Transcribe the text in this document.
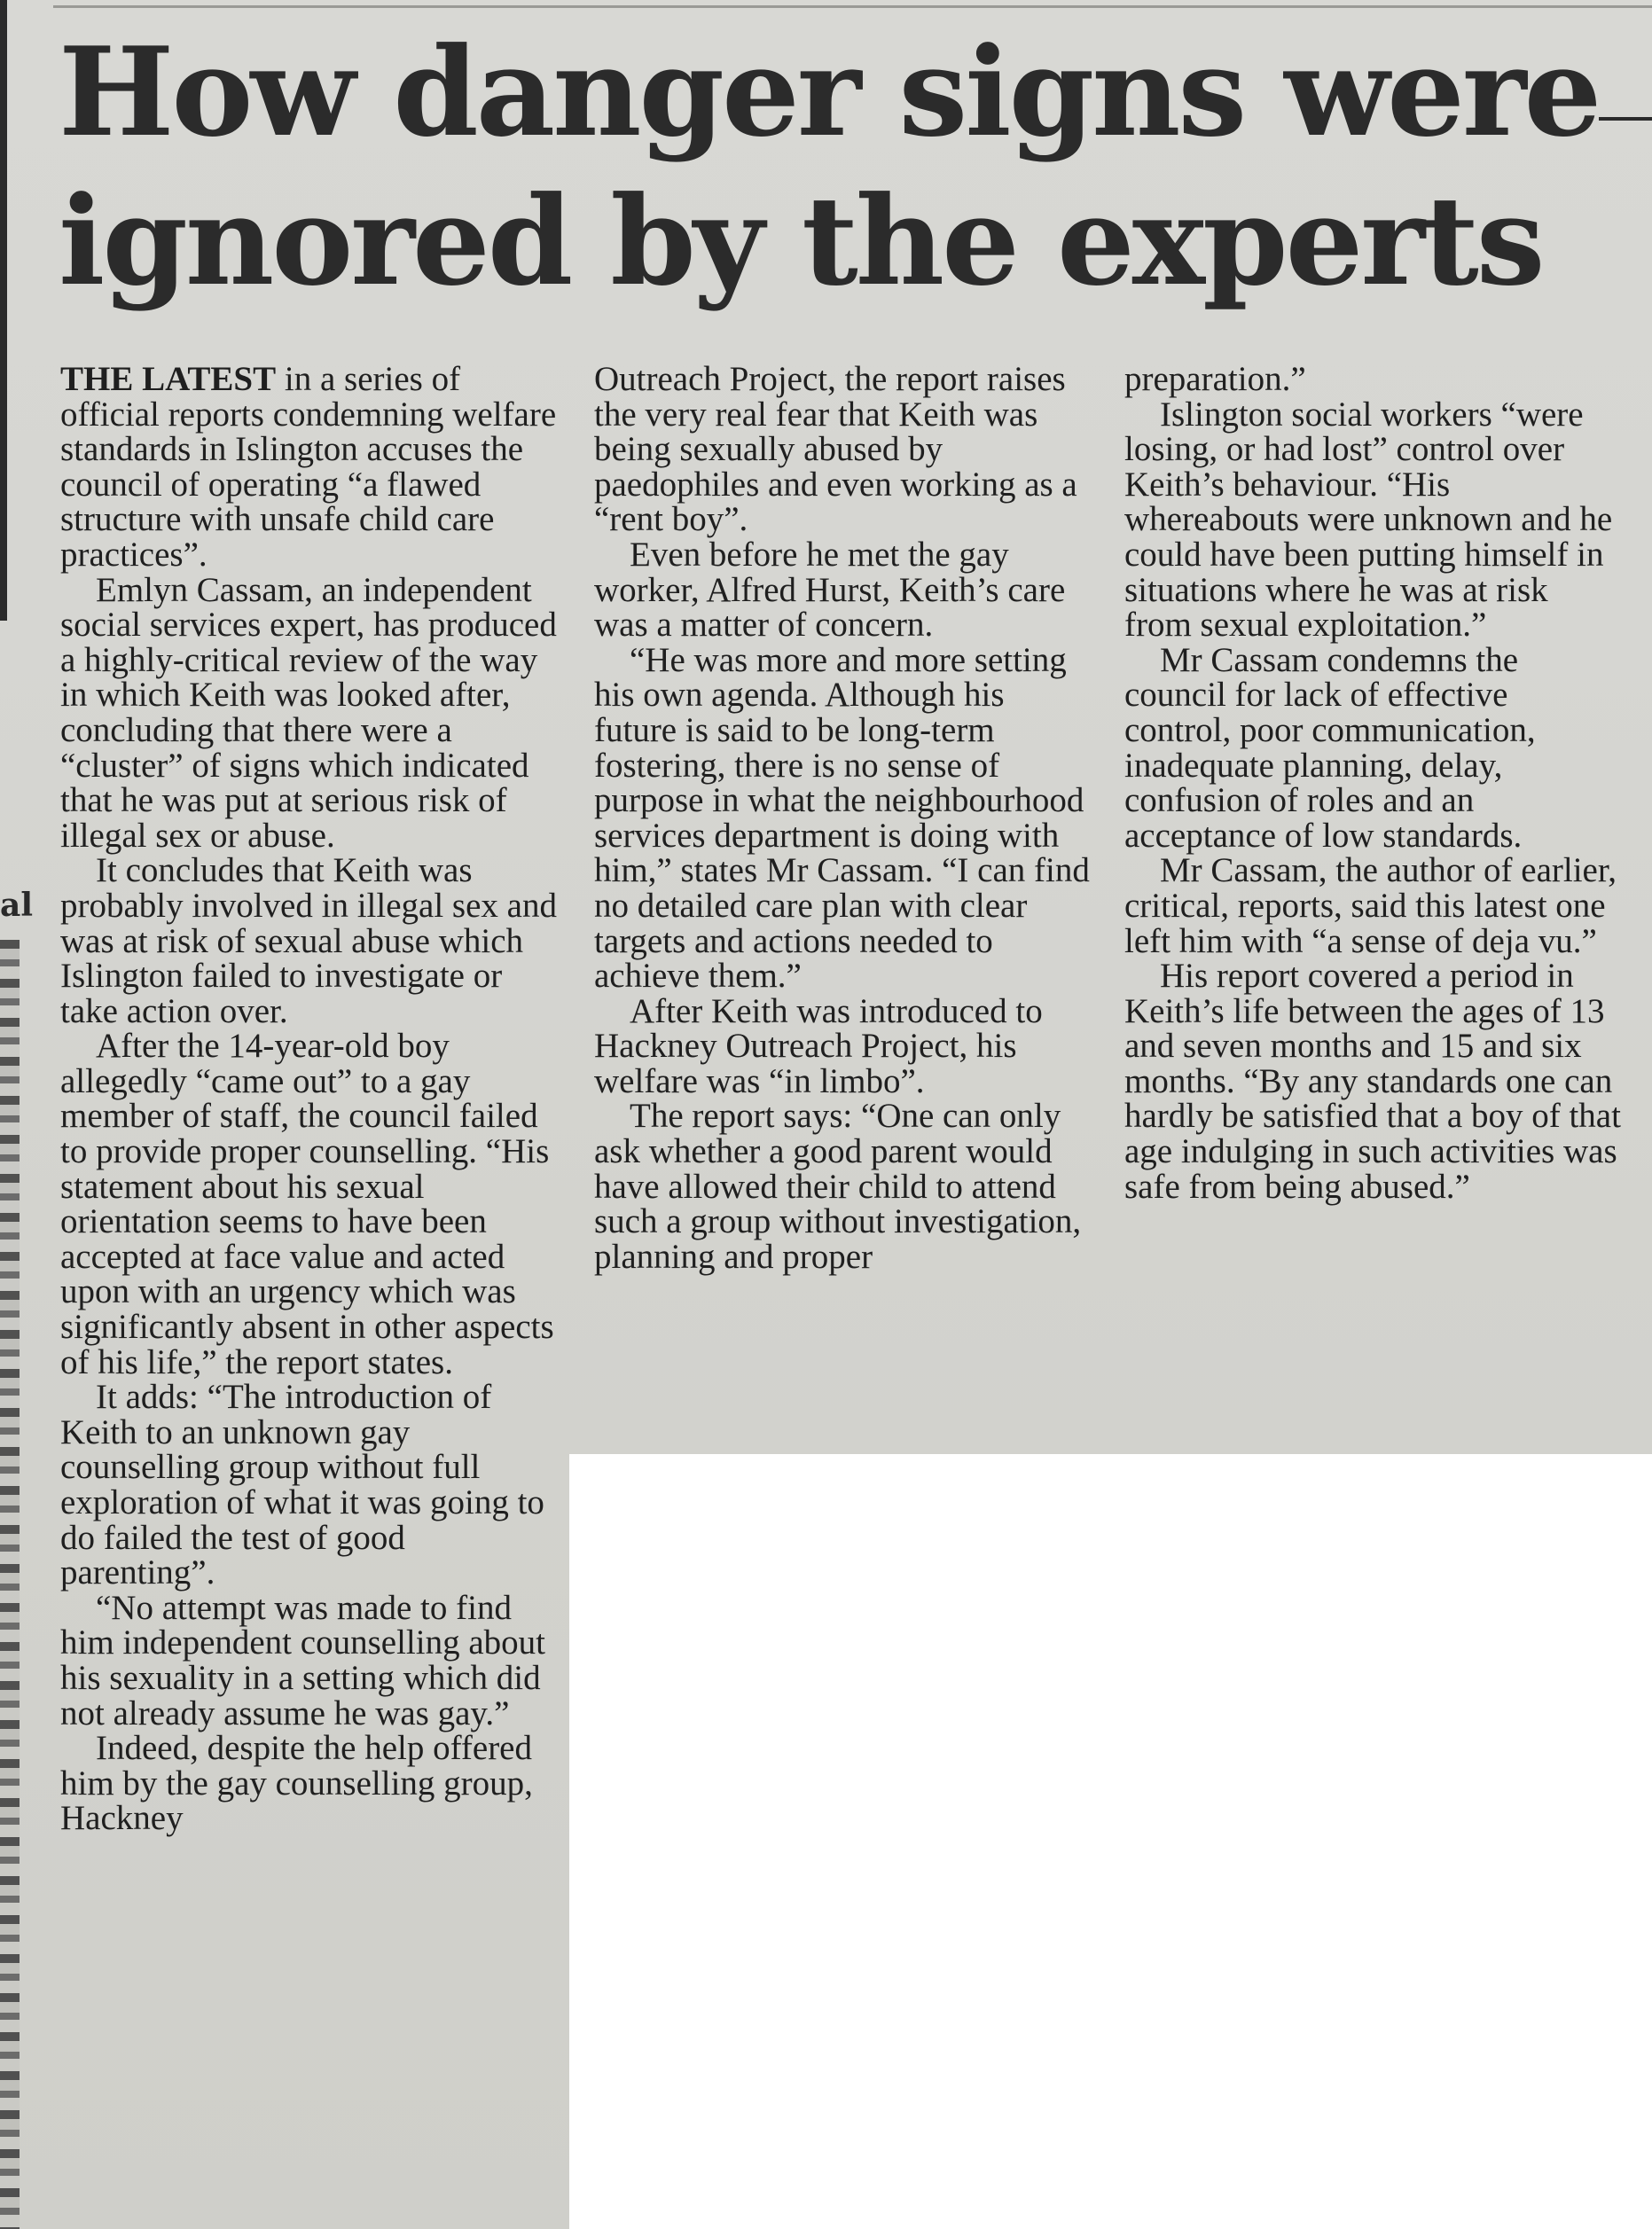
al
How danger signs were
ignored by the experts

THE LATEST in a series of official reports condemning welfare standards in Islington accuses the council of operating “a flawed structure with unsafe child care practices”.

Emlyn Cassam, an independent social services expert, has produced a highly-critical review of the way in which Keith was looked after, concluding that there were a “cluster” of signs which indicated that he was put at serious risk of illegal sex or abuse.

It concludes that Keith was probably involved in illegal sex and was at risk of sexual abuse which Islington failed to investigate or take action over.

After the 14-year-old boy allegedly “came out” to a gay member of staff, the council failed to provide proper counselling. “His statement about his sexual orientation seems to have been accepted at face value and acted upon with an urgency which was significantly absent in other aspects of his life,” the report states.

It adds: “The introduction of Keith to an unknown gay counselling group without full exploration of what it was going to do failed the test of good parenting”.

“No attempt was made to find him independent counselling about his sexuality in a setting which did not already assume he was gay.”

Indeed, despite the help offered him by the gay counselling group, Hackney

Outreach Project, the report raises the very real fear that Keith was being sexually abused by paedophiles and even working as a “rent boy”.

Even before he met the gay worker, Alfred Hurst, Keith’s care was a matter of concern.

“He was more and more setting his own agenda. Although his future is said to be long-term fostering, there is no sense of purpose in what the neighbourhood services department is doing with him,” states Mr Cassam. “I can find no detailed care plan with clear targets and actions needed to achieve them.”

After Keith was introduced to Hackney Outreach Project, his welfare was “in limbo”.

The report says: “One can only ask whether a good parent would have allowed their child to attend such a group without investigation, planning and proper

preparation.”

Islington social workers “were losing, or had lost” control over Keith’s behaviour. “His whereabouts were unknown and he could have been putting himself in situations where he was at risk from sexual exploitation.”

Mr Cassam condemns the council for lack of effective control, poor communication, inadequate planning, delay, confusion of roles and an acceptance of low standards.

Mr Cassam, the author of earlier, critical, reports, said this latest one left him with “a sense of deja vu.”

His report covered a period in Keith’s life between the ages of 13 and seven months and 15 and six months. “By any standards one can hardly be satisfied that a boy of that age indulging in such activities was safe from being abused.”
